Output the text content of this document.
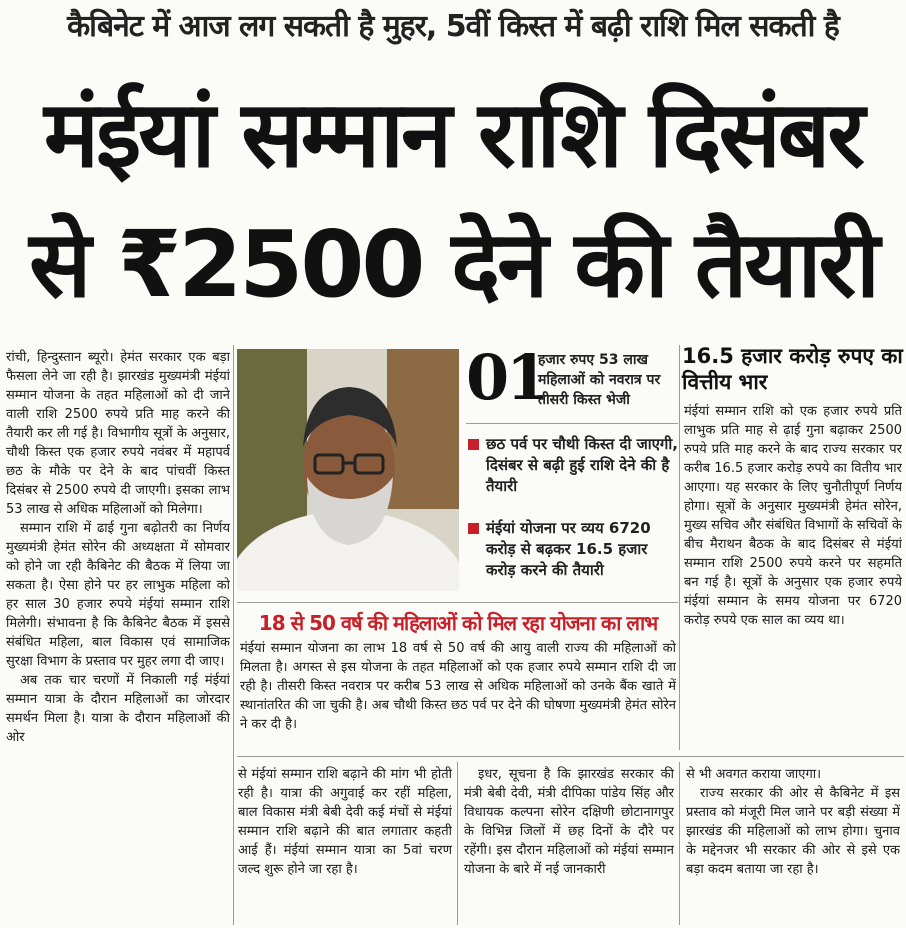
कैबिनेट में आज लग सकती है मुहर, 5वीं किस्त में बढ़ी राशि मिल सकती है
मंईयां सम्मान राशि दिसंबर
से ₹2500 देने की तैयारी

रांची, हिन्दुस्तान ब्यूरो। हेमंत सरकार एक बड़ा फैसला लेने जा रही है। झारखंड मुख्यमंत्री मंईयां सम्मान योजना के तहत महिलाओं को दी जाने वाली राशि 2500 रुपये प्रति माह करने की तैयारी कर ली गई है। विभागीय सूत्रों के अनुसार, चौथी किस्त एक हजार रुपये नवंबर में महापर्व छठ के मौके पर देने के बाद पांचवीं किस्त दिसंबर से 2500 रुपये दी जाएगी। इसका लाभ 53 लाख से अधिक महिलाओं को मिलेगा।

सम्मान राशि में ढाई गुना बढ़ोतरी का निर्णय मुख्यमंत्री हेमंत सोरेन की अध्यक्षता में सोमवार को होने जा रही कैबिनेट की बैठक में लिया जा सकता है। ऐसा होने पर हर लाभुक महिला को हर साल 30 हजार रुपये मंईयां सम्मान राशि मिलेगी। संभावना है कि कैबिनेट बैठक में इससे संबंधित महिला, बाल विकास एवं सामाजिक सुरक्षा विभाग के प्रस्ताव पर मुहर लगा दी जाए।

अब तक चार चरणों में निकाली गई मंईयां सम्मान यात्रा के दौरान महिलाओं का जोरदार समर्थन मिला है। यात्रा के दौरान महिलाओं की ओर

01
हजार रुपए 53 लाख महिलाओं को नवरात्र पर तीसरी किस्त भेजी
छठ पर्व पर चौथी किस्त दी जाएगी, दिसंबर से बढ़ी हुई राशि देने की है तैयारी
मंईयां योजना पर व्यय 6720 करोड़ से बढ़कर 16.5 हजार करोड़ करने की तैयारी
16.5 हजार करोड़ रुपए का वित्तीय भार

मंईयां सम्मान राशि को एक हजार रुपये प्रति लाभुक प्रति माह से ढ़ाई गुना बढ़ाकर 2500 रुपये प्रति माह करने के बाद राज्य सरकार पर करीब 16.5 हजार करोड़ रुपये का वितीय भार आएगा। यह सरकार के लिए चुनौतीपूर्ण निर्णय होगा। सूत्रों के अनुसार मुख्यमंत्री हेमंत सोरेन, मुख्य सचिव और संबंधित विभागों के सचिवों के बीच मैराथन बैठक के बाद दिसंबर से मंईयां सम्मान राशि 2500 रुपये करने पर सहमति बन गई है। सूत्रों के अनुसार एक हजार रुपये मंईयां सम्मान के समय योजना पर 6720 करोड़ रुपये एक साल का व्यय था।

18 से 50 वर्ष की महिलाओं को मिल रहा योजना का लाभ

मंईयां सम्मान योजना का लाभ 18 वर्ष से 50 वर्ष की आयु वाली राज्य की महिलाओं को मिलता है। अगस्त से इस योजना के तहत महिलाओं को एक हजार रुपये सम्मान राशि दी जा रही है। तीसरी किस्त नवरात्र पर करीब 53 लाख से अधिक महिलाओं को उनके बैंक खाते में स्थानांतरित की जा चुकी है। अब चौथी किस्त छठ पर्व पर देने की घोषणा मुख्यमंत्री हेमंत सोरेन ने कर दी है।

से मंईयां सम्मान राशि बढ़ाने की मांग भी होती रही है। यात्रा की अगुवाई कर रहीं महिला, बाल विकास मंत्री बेबी देवी कई मंचों से मंईयां सम्मान राशि बढ़ाने की बात लगातार कहती आई हैं। मंईयां सम्मान यात्रा का 5वां चरण जल्द शुरू होने जा रहा है।

इधर, सूचना है कि झारखंड सरकार की मंत्री बेबी देवी, मंत्री दीपिका पांडेय सिंह और विधायक कल्पना सोरेन दक्षिणी छोटानागपुर के विभिन्न जिलों में छह दिनों के दौरे पर रहेंगी। इस दौरान महिलाओं को मंईयां सम्मान योजना के बारे में नई जानकारी

से भी अवगत कराया जाएगा।

राज्य सरकार की ओर से कैबिनेट में इस प्रस्ताव को मंजूरी मिल जाने पर बड़ी संख्या में झारखंड की महिलाओं को लाभ होगा। चुनाव के मद्देनजर भी सरकार की ओर से इसे एक बड़ा कदम बताया जा रहा है।
